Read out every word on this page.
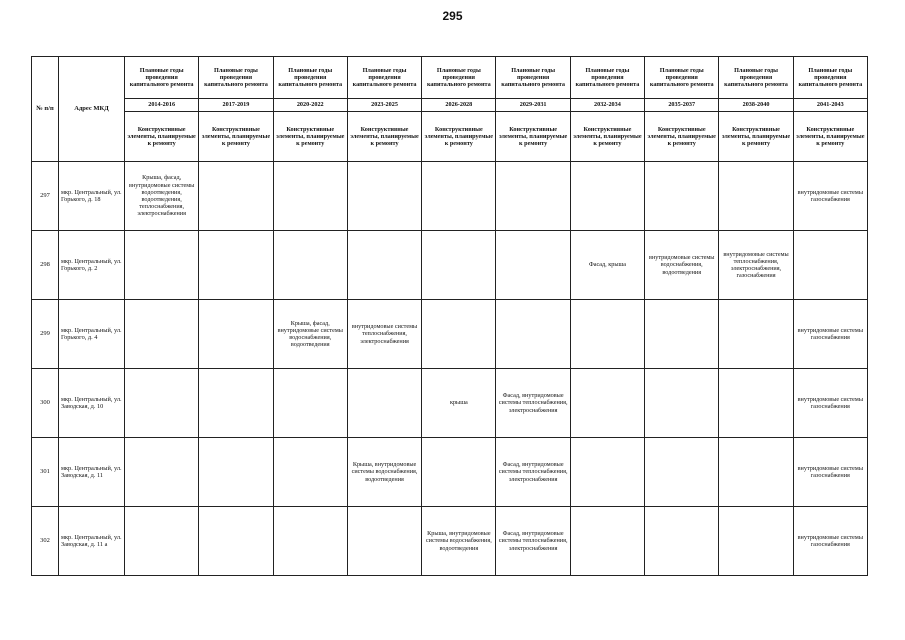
295
№ п/п	Адрес МКД	Плановые годы проведения капитального ремонта	Плановые годы проведения капитального ремонта	Плановые годы проведения капитального ремонта	Плановые годы проведения капитального ремонта	Плановые годы проведения капитального ремонта	Плановые годы проведения капитального ремонта	Плановые годы проведения капитального ремонта	Плановые годы проведения капитального ремонта	Плановые годы проведения капитального ремонта	Плановые годы проведения капитального ремонта
		2014-2016	2017-2019	2020-2022	2023-2025	2026-2028	2029-2031	2032-2034	2035-2037	2038-2040	2041-2043
		Конструктивные элементы, планируемые к ремонту	Конструктивные элементы, планируемые к ремонту	Конструктивные элементы, планируемые к ремонту	Конструктивные элементы, планируемые к ремонту	Конструктивные элементы, планируемые к ремонту	Конструктивные элементы, планируемые к ремонту	Конструктивные элементы, планируемые к ремонту	Конструктивные элементы, планируемые к ремонту	Конструктивные элементы, планируемые к ремонту	Конструктивные элементы, планируемые к ремонту
297	мкр. Центральный, ул. Горького, д. 18	Крыша, фасад, внутридомовые системы водоотведения, водоотведения, теплоснабжения, электроснабжения									внутридомовые системы газоснабжения
298	мкр. Центральный, ул. Горького, д. 2							Фасад, крыша	внутридомовые системы водоснабжения, водоотведения	внутридомовые системы теплоснабжения, электроснабжения, газоснабжения	
299	мкр. Центральный, ул. Горького, д. 4			Крыша, фасад, внутридомовые системы водоснабжения, водоотведения	внутридомовые системы теплоснабжения, электроснабжения						внутридомовые системы газоснабжения
300	мкр. Центральный, ул. Заводская, д. 10					крыша	Фасад, внутридомовые системы теплоснабжения, электроснабжения				внутридомовые системы газоснабжения
301	мкр. Центральный, ул. Заводская, д. 11				Крыша, внутридомовые системы водоснабжения, водоотведения		Фасад, внутридомовые системы теплоснабжения, электроснабжения				внутридомовые системы газоснабжения
302	мкр. Центральный, ул. Заводская, д. 11 а					Крыша, внутридомовые системы водоснабжения, водоотведения	Фасад, внутридомовые системы теплоснабжения, электроснабжения				внутридомовые системы газоснабжения
